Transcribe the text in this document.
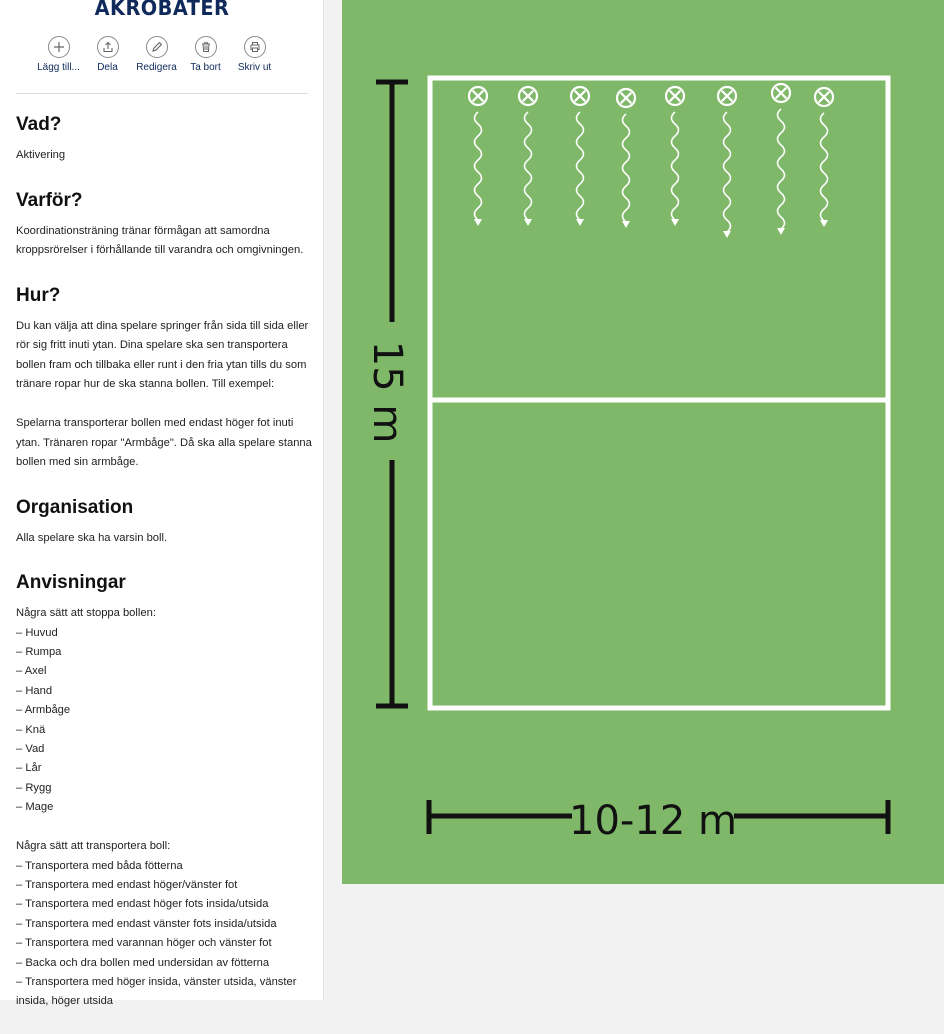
AKROBATER
Lägg till... Dela Redigera Ta bort Skriv ut
Vad?

Aktivering

Varför?

Koordinationsträning tränar förmågan att samordna kroppsrörelser i förhållande till varandra och omgivningen.

Hur?

Du kan välja att dina spelare springer från sida till sida eller rör sig fritt inuti ytan. Dina spelare ska sen transportera bollen fram och tillbaka eller runt i den fria ytan tills du som tränare ropar hur de ska stanna bollen. Till exempel:

Spelarna transporterar bollen med endast höger fot inuti ytan. Tränaren ropar "Armbåge". Då ska alla spelare stanna bollen med sin armbåge.

Organisation

Alla spelare ska ha varsin boll.

Anvisningar

Några sätt att stoppa bollen:

– Huvud
– Rumpa
– Axel
– Hand
– Armbåge
– Knä
– Vad
– Lår
– Rygg
– Mage

Några sätt att transportera boll:

– Transportera med båda fötterna
– Transportera med endast höger/vänster fot
– Transportera med endast höger fots insida/utsida
– Transportera med endast vänster fots insida/utsida
– Transportera med varannan höger och vänster fot
– Backa och dra bollen med undersidan av fötterna
– Transportera med höger insida, vänster utsida, vänster insida, höger utsida
15 m
10-12 m
